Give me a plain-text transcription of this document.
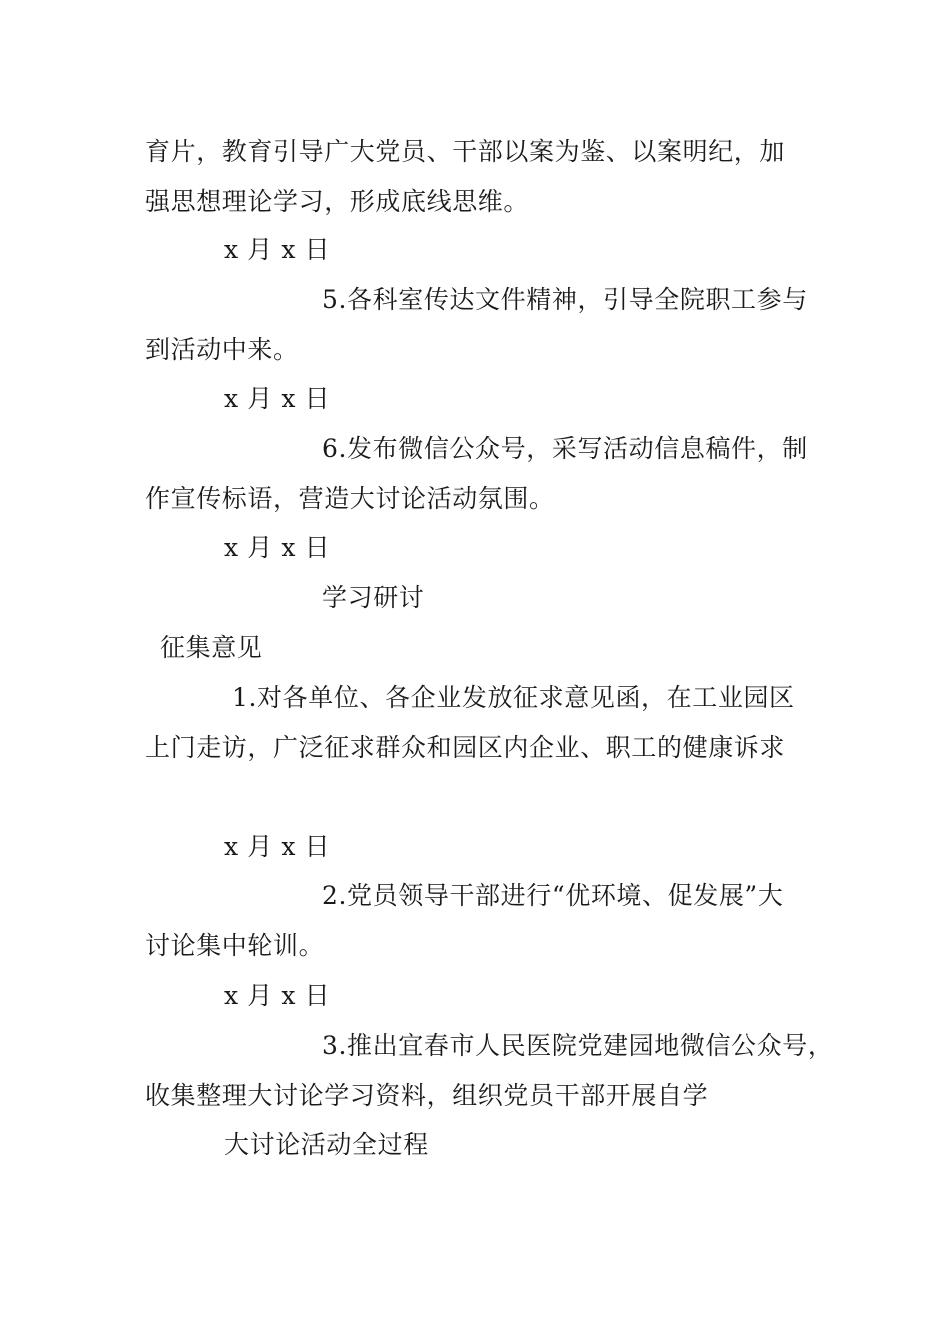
育片，教育引导广大党员、干部以案为鉴、以案明纪，加
强思想理论学习，形成底线思维。
x 月 x 日
5.各科室传达文件精神，引导全院职工参与
到活动中来。
x 月 x 日
6.发布微信公众号，采写活动信息稿件，制
作宣传标语，营造大讨论活动氛围。
x 月 x 日
学习研讨
征集意见
1.对各单位、各企业发放征求意见函，在工业园区
上门走访，广泛征求群众和园区内企业、职工的健康诉求
x 月 x 日
2.党员领导干部进行“优环境、促发展”大
讨论集中轮训。
x 月 x 日
3.推出宜春市人民医院党建园地微信公众号，
收集整理大讨论学习资料，组织党员干部开展自学
大讨论活动全过程
